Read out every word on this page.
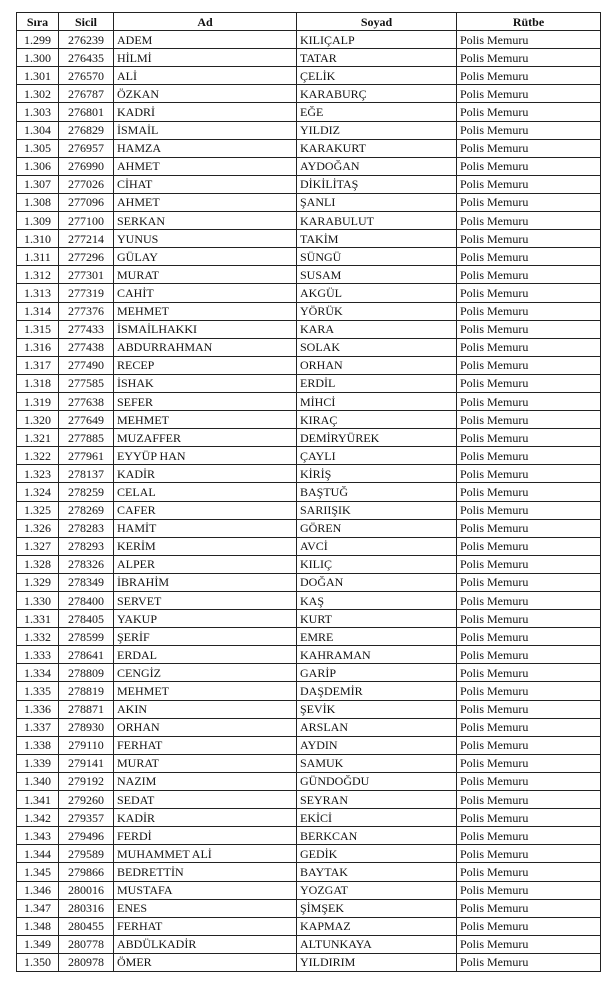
Sıra	Sicil	Ad	Soyad	Rütbe
1.299	276239	ADEM	KILIÇALP	Polis Memuru
1.300	276435	HİLMİ	TATAR	Polis Memuru
1.301	276570	ALİ	ÇELİK	Polis Memuru
1.302	276787	ÖZKAN	KARABURÇ	Polis Memuru
1.303	276801	KADRİ	EĞE	Polis Memuru
1.304	276829	İSMAİL	YILDIZ	Polis Memuru
1.305	276957	HAMZA	KARAKURT	Polis Memuru
1.306	276990	AHMET	AYDOĞAN	Polis Memuru
1.307	277026	CİHAT	DİKİLİTAŞ	Polis Memuru
1.308	277096	AHMET	ŞANLI	Polis Memuru
1.309	277100	SERKAN	KARABULUT	Polis Memuru
1.310	277214	YUNUS	TAKİM	Polis Memuru
1.311	277296	GÜLAY	SÜNGÜ	Polis Memuru
1.312	277301	MURAT	SUSAM	Polis Memuru
1.313	277319	CAHİT	AKGÜL	Polis Memuru
1.314	277376	MEHMET	YÖRÜK	Polis Memuru
1.315	277433	İSMAİLHAKKI	KARA	Polis Memuru
1.316	277438	ABDURRAHMAN	SOLAK	Polis Memuru
1.317	277490	RECEP	ORHAN	Polis Memuru
1.318	277585	İSHAK	ERDİL	Polis Memuru
1.319	277638	SEFER	MİHCİ	Polis Memuru
1.320	277649	MEHMET	KIRAÇ	Polis Memuru
1.321	277885	MUZAFFER	DEMİRYÜREK	Polis Memuru
1.322	277961	EYYÜP HAN	ÇAYLI	Polis Memuru
1.323	278137	KADİR	KİRİŞ	Polis Memuru
1.324	278259	CELAL	BAŞTUĞ	Polis Memuru
1.325	278269	CAFER	SARIIŞIK	Polis Memuru
1.326	278283	HAMİT	GÖREN	Polis Memuru
1.327	278293	KERİM	AVCİ	Polis Memuru
1.328	278326	ALPER	KILIÇ	Polis Memuru
1.329	278349	İBRAHİM	DOĞAN	Polis Memuru
1.330	278400	SERVET	KAŞ	Polis Memuru
1.331	278405	YAKUP	KURT	Polis Memuru
1.332	278599	ŞERİF	EMRE	Polis Memuru
1.333	278641	ERDAL	KAHRAMAN	Polis Memuru
1.334	278809	CENGİZ	GARİP	Polis Memuru
1.335	278819	MEHMET	DAŞDEMİR	Polis Memuru
1.336	278871	AKIN	ŞEVİK	Polis Memuru
1.337	278930	ORHAN	ARSLAN	Polis Memuru
1.338	279110	FERHAT	AYDIN	Polis Memuru
1.339	279141	MURAT	SAMUK	Polis Memuru
1.340	279192	NAZIM	GÜNDOĞDU	Polis Memuru
1.341	279260	SEDAT	SEYRAN	Polis Memuru
1.342	279357	KADİR	EKİCİ	Polis Memuru
1.343	279496	FERDİ	BERKCAN	Polis Memuru
1.344	279589	MUHAMMET ALİ	GEDİK	Polis Memuru
1.345	279866	BEDRETTİN	BAYTAK	Polis Memuru
1.346	280016	MUSTAFA	YOZGAT	Polis Memuru
1.347	280316	ENES	ŞİMŞEK	Polis Memuru
1.348	280455	FERHAT	KAPMAZ	Polis Memuru
1.349	280778	ABDÜLKADİR	ALTUNKAYA	Polis Memuru
1.350	280978	ÖMER	YILDIRIM	Polis Memuru
